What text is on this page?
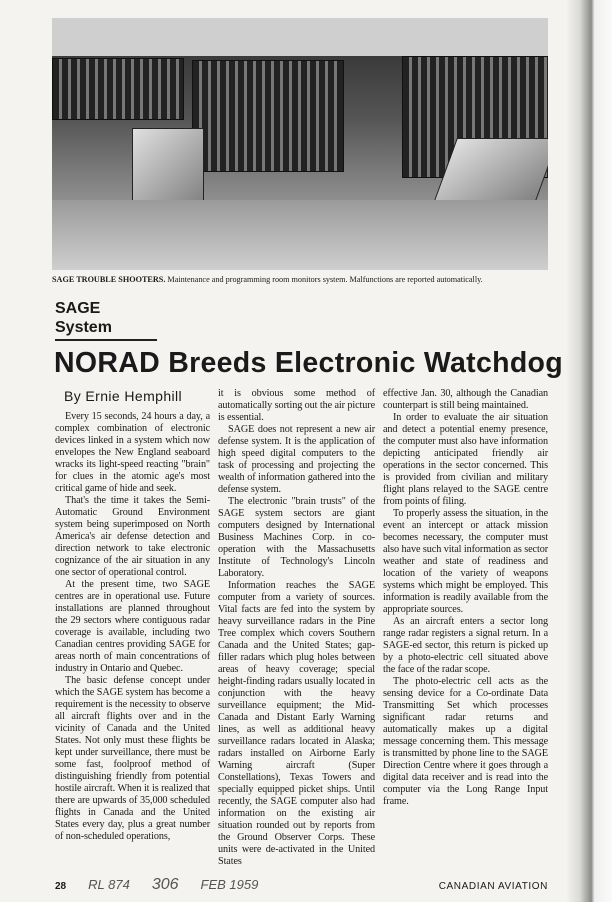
SAGE TROUBLE SHOOTERS. Maintenance and programming room monitors system. Malfunctions are reported automatically.
SAGE System
NORAD Breeds Electronic Watchdog
By Ernie Hemphill

Every 15 seconds, 24 hours a day, a complex combination of electronic devices linked in a system which now envelopes the New England seaboard wracks its light-speed reacting "brain" for clues in the atomic age's most critical game of hide and seek.

That's the time it takes the Semi-Automatic Ground Environment system being superimposed on North America's air defense detection and direction network to take electronic cognizance of the air situation in any one sector of operational control.

At the present time, two SAGE centres are in operational use. Future installations are planned throughout the 29 sectors where contiguous radar coverage is available, including two Canadian centres providing SAGE for areas north of main concentrations of industry in Ontario and Quebec.

The basic defense concept under which the SAGE system has become a requirement is the necessity to observe all aircraft flights over and in the vicinity of Canada and the United States. Not only must these flights be kept under surveillance, there must be some fast, foolproof method of distinguishing friendly from potential hostile aircraft. When it is realized that there are upwards of 35,000 scheduled flights in Canada and the United States every day, plus a great number of non-scheduled operations,

it is obvious some method of automatically sorting out the air picture is essential.

SAGE does not represent a new air defense system. It is the application of high speed digital computers to the task of processing and projecting the wealth of information gathered into the defense system.

The electronic "brain trusts" of the SAGE system sectors are giant computers designed by International Business Machines Corp. in co-operation with the Massachusetts Institute of Technology's Lincoln Laboratory.

Information reaches the SAGE computer from a variety of sources. Vital facts are fed into the system by heavy surveillance radars in the Pine Tree complex which covers Southern Canada and the United States; gap-filler radars which plug holes between areas of heavy coverage; special height-finding radars usually located in conjunction with the heavy surveillance equipment; the Mid-Canada and Distant Early Warning lines, as well as additional heavy surveillance radars located in Alaska; radars installed on Airborne Early Warning aircraft (Super Constellations), Texas Towers and specially equipped picket ships. Until recently, the SAGE computer also had information on the existing air situation rounded out by reports from the Ground Observer Corps. These units were de-activated in the United States

effective Jan. 30, although the Canadian counterpart is still being maintained.

In order to evaluate the air situation and detect a potential enemy presence, the computer must also have information depicting anticipated friendly air operations in the sector concerned. This is provided from civilian and military flight plans relayed to the SAGE centre from points of filing.

To properly assess the situation, in the event an intercept or attack mission becomes necessary, the computer must also have such vital information as sector weather and state of readiness and location of the variety of weapons systems which might be employed. This information is readily available from the appropriate sources.

As an aircraft enters a sector long range radar registers a signal return. In a SAGE-ed sector, this return is picked up by a photo-electric cell situated above the face of the radar scope.

The photo-electric cell acts as the sensing device for a Co-ordinate Data Transmitting Set which processes significant radar returns and automatically makes up a digital message concerning them. This message is transmitted by phone line to the SAGE Direction Centre where it goes through a digital data receiver and is read into the computer via the Long Range Input frame.

28 RL 874 306 FEB 1959	CANADIAN AVIATION
